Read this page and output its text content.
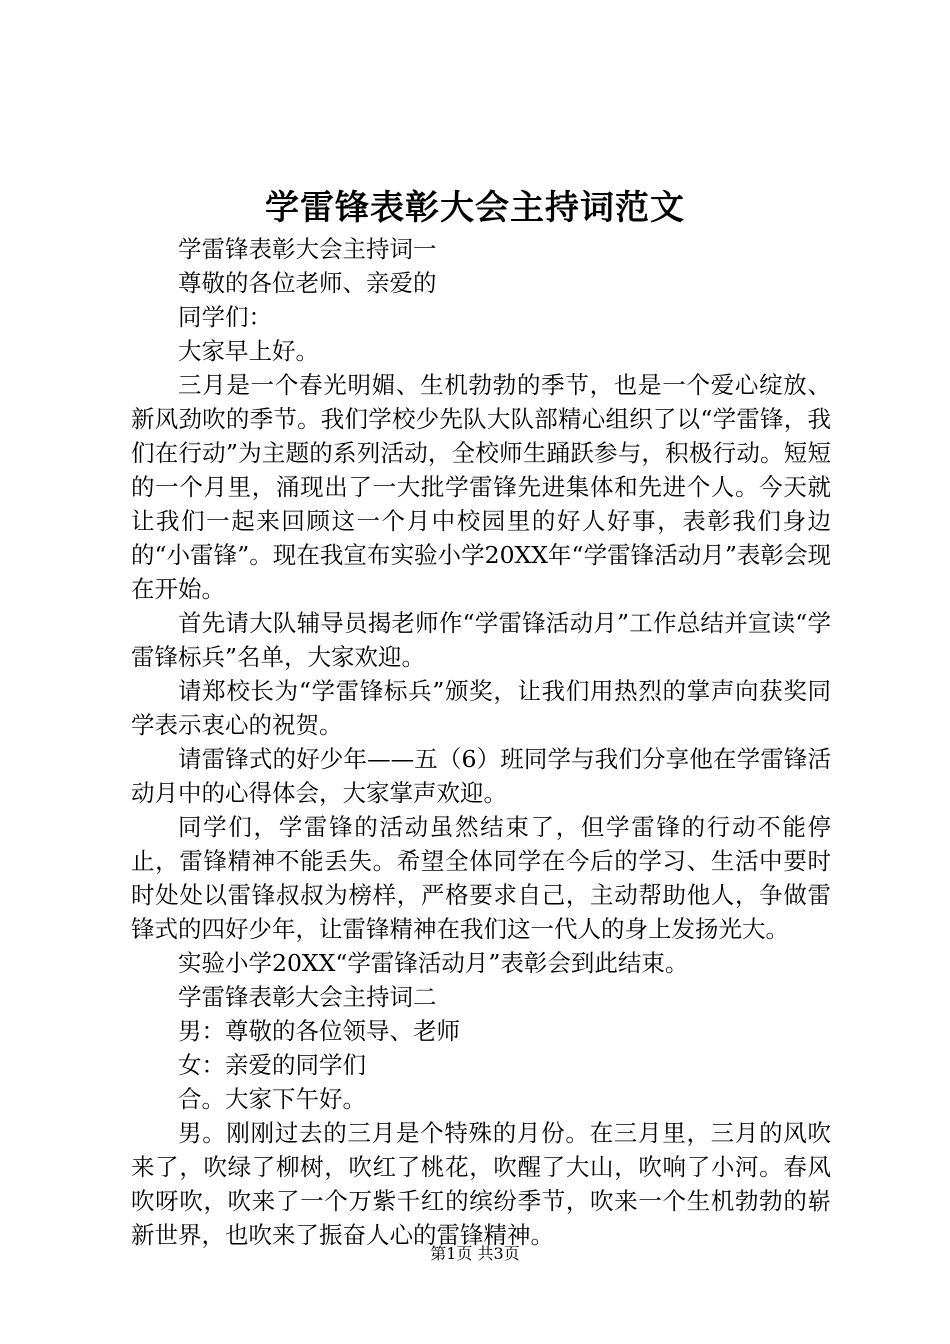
学雷锋表彰大会主持词范文

学雷锋表彰大会主持词一

尊敬的各位老师、亲爱的

同学们：

大家早上好。

三月是一个春光明媚、生机勃勃的季节，也是一个爱心绽放、新风劲吹的季节。我们学校少先队大队部精心组织了以“学雷锋，我们在行动”为主题的系列活动，全校师生踊跃参与，积极行动。短短的一个月里，涌现出了一大批学雷锋先进集体和先进个人。今天就让我们一起来回顾这一个月中校园里的好人好事，表彰我们身边的“小雷锋”。现在我宣布实验小学20XX年“学雷锋活动月”表彰会现在开始。

首先请大队辅导员揭老师作“学雷锋活动月”工作总结并宣读“学雷锋标兵”名单，大家欢迎。

请郑校长为“学雷锋标兵”颁奖，让我们用热烈的掌声向获奖同学表示衷心的祝贺。

请雷锋式的好少年——五（6）班同学与我们分享他在学雷锋活动月中的心得体会，大家掌声欢迎。

同学们，学雷锋的活动虽然结束了，但学雷锋的行动不能停止，雷锋精神不能丢失。希望全体同学在今后的学习、生活中要时时处处以雷锋叔叔为榜样，严格要求自己，主动帮助他人，争做雷锋式的四好少年，让雷锋精神在我们这一代人的身上发扬光大。

实验小学20XX“学雷锋活动月”表彰会到此结束。

学雷锋表彰大会主持词二

男：尊敬的各位领导、老师

女：亲爱的同学们

合。大家下午好。

男。刚刚过去的三月是个特殊的月份。在三月里，三月的风吹来了，吹绿了柳树，吹红了桃花，吹醒了大山，吹响了小河。春风吹呀吹，吹来了一个万紫千红的缤纷季节，吹来一个生机勃勃的崭新世界，也吹来了振奋人心的雷锋精神。

第1页 共3页
